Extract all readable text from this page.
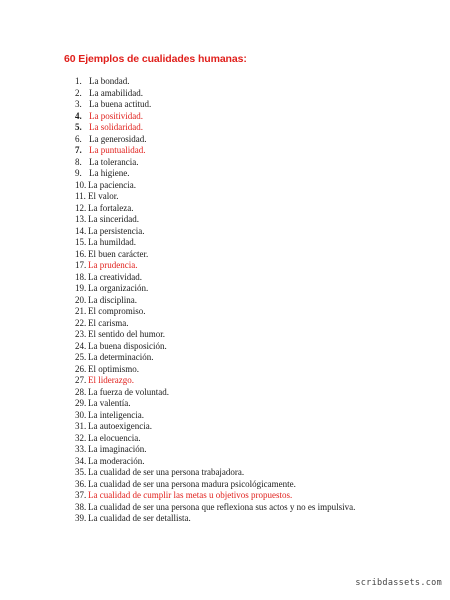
60 Ejemplos de cualidades humanas:
1. La bondad.
2. La amabilidad.
3. La buena actitud.
4. La positividad.
5. La solidaridad.
6. La generosidad.
7. La puntualidad.
8. La tolerancia.
9. La higiene.
10. La paciencia.
11. El valor.
12. La fortaleza.
13. La sinceridad.
14. La persistencia.
15. La humildad.
16. El buen carácter.
17. La prudencia.
18. La creatividad.
19. La organización.
20. La disciplina.
21. El compromiso.
22. El carisma.
23. El sentido del humor.
24. La buena disposición.
25. La determinación.
26. El optimismo.
27. El liderazgo.
28. La fuerza de voluntad.
29. La valentía.
30. La inteligencia.
31. La autoexigencia.
32. La elocuencia.
33. La imaginación.
34. La moderación.
35. La cualidad de ser una persona trabajadora.
36. La cualidad de ser una persona madura psicológicamente.
37. La cualidad de cumplir las metas u objetivos propuestos.
38. La cualidad de ser una persona que reflexiona sus actos y no es impulsiva.
39. La cualidad de ser detallista.
scribdassets.com
